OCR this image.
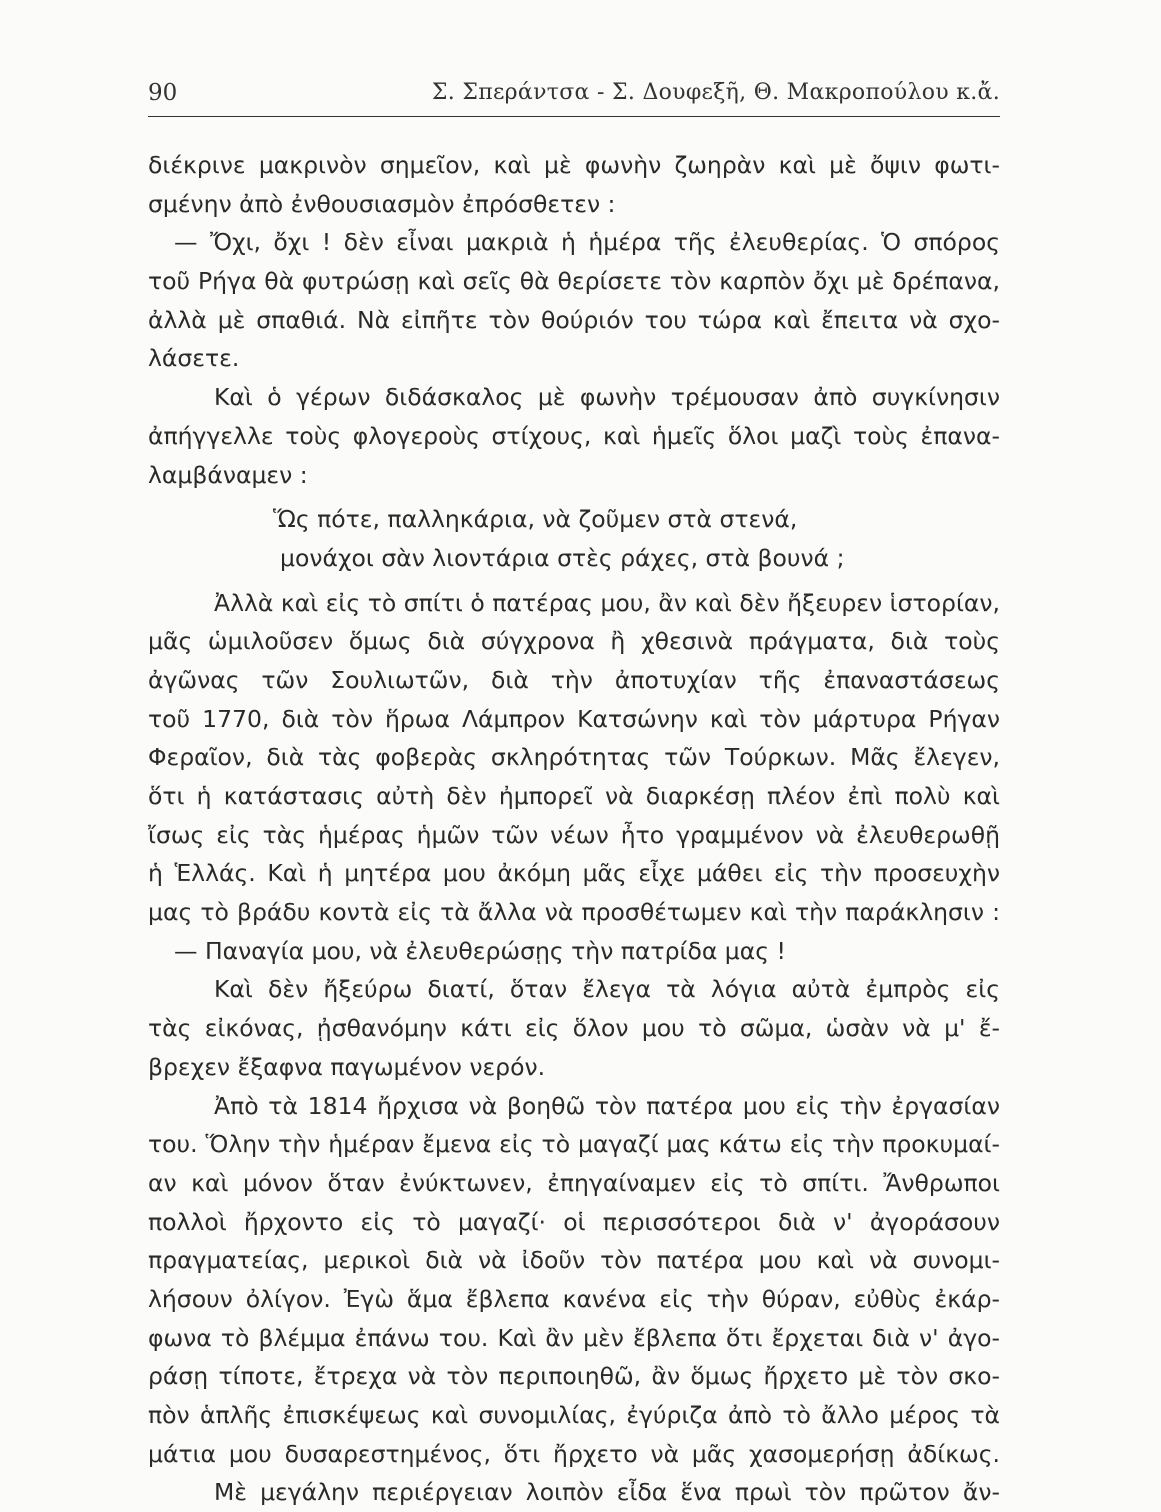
90	Σ. Σπεράντσα - Σ. Δουφεξῆ, Θ. Μακροπούλου κ.ἄ.
διέκρινε μακρινὸν σημεῖον, καὶ μὲ φωνὴν ζωηρὰν καὶ μὲ ὄψιν φωτι-
σμένην ἀπὸ ἐνθουσιασμὸν ἐπρόσθετεν :
— Ὄχι, ὄχι ! δὲν εἶναι μακριὰ ἡ ἡμέρα τῆς ἐλευθερίας. Ὁ σπόρος
τοῦ Ρήγα θὰ φυτρώσῃ καὶ σεῖς θὰ θερίσετε τὸν καρπὸν ὄχι μὲ δρέπανα,
ἀλλὰ μὲ σπαθιά. Νὰ εἰπῆτε τὸν θούριόν του τώρα καὶ ἔπειτα νὰ σχο-
λάσετε.
Καὶ ὁ γέρων διδάσκαλος μὲ φωνὴν τρέμουσαν ἀπὸ συγκίνησιν
ἀπήγγελλε τοὺς φλογεροὺς στίχους, καὶ ἡμεῖς ὅλοι μαζὶ τοὺς ἐπανα-
λαμβάναμεν :
Ὥς πότε, παλληκάρια, νὰ ζοῦμεν στὰ στενά,
μονάχοι σὰν λιοντάρια στὲς ράχες, στὰ βουνά ;
Ἀλλὰ καὶ εἰς τὸ σπίτι ὁ πατέρας μου, ἂν καὶ δὲν ἤξευρεν ἱστορίαν,
μᾶς ὡμιλοῦσεν ὅμως διὰ σύγχρονα ἢ χθεσινὰ πράγματα, διὰ τοὺς
ἀγῶνας τῶν Σουλιωτῶν, διὰ τὴν ἀποτυχίαν τῆς ἐπαναστάσεως
τοῦ 1770, διὰ τὸν ἥρωα Λάμπρον Κατσώνην καὶ τὸν μάρτυρα Ρήγαν
Φεραῖον, διὰ τὰς φοβερὰς σκληρότητας τῶν Τούρκων. Μᾶς ἔλεγεν,
ὅτι ἡ κατάστασις αὐτὴ δὲν ἠμπορεῖ νὰ διαρκέσῃ πλέον ἐπὶ πολὺ καὶ
ἴσως εἰς τὰς ἡμέρας ἡμῶν τῶν νέων ἦτο γραμμένον νὰ ἐλευθερωθῇ
ἡ Ἑλλάς. Καὶ ἡ μητέρα μου ἀκόμη μᾶς εἶχε μάθει εἰς τὴν προσευχὴν
μας τὸ βράδυ κοντὰ εἰς τὰ ἄλλα νὰ προσθέτωμεν καὶ τὴν παράκλησιν :
— Παναγία μου, νὰ ἐλευθερώσῃς τὴν πατρίδα μας !
Καὶ δὲν ἤξεύρω διατί, ὅταν ἔλεγα τὰ λόγια αὐτὰ ἐμπρὸς εἰς
τὰς εἰκόνας, ᾐσθανόμην κάτι εἰς ὅλον μου τὸ σῶμα, ὡσὰν νὰ μ' ἔ-
βρεχεν ἔξαφνα παγωμένον νερόν.
Ἀπὸ τὰ 1814 ἤρχισα νὰ βοηθῶ τὸν πατέρα μου εἰς τὴν ἐργασίαν
του. Ὅλην τὴν ἡμέραν ἔμενα εἰς τὸ μαγαζί μας κάτω εἰς τὴν προκυμαί-
αν καὶ μόνον ὅταν ἐνύκτωνεν, ἐπηγαίναμεν εἰς τὸ σπίτι. Ἄνθρωποι
πολλοὶ ἤρχοντο εἰς τὸ μαγαζί· οἱ περισσότεροι διὰ ν' ἀγοράσουν
πραγματείας, μερικοὶ διὰ νὰ ἰδοῦν τὸν πατέρα μου καὶ νὰ συνομι-
λήσουν ὀλίγον. Ἐγὼ ἅμα ἔβλεπα κανένα εἰς τὴν θύραν, εὐθὺς ἐκάρ-
φωνα τὸ βλέμμα ἐπάνω του. Καὶ ἂν μὲν ἔβλεπα ὅτι ἔρχεται διὰ ν' ἀγο-
ράσῃ τίποτε, ἔτρεχα νὰ τὸν περιποιηθῶ, ἂν ὅμως ἤρχετο μὲ τὸν σκο-
πὸν ἁπλῆς ἐπισκέψεως καὶ συνομιλίας, ἐγύριζα ἀπὸ τὸ ἄλλο μέρος τὰ
μάτια μου δυσαρεστημένος, ὅτι ἤρχετο νὰ μᾶς χασομερήσῃ ἀδίκως.
Μὲ μεγάλην περιέργειαν λοιπὸν εἶδα ἕνα πρωὶ τὸν πρῶτον ἄν-
